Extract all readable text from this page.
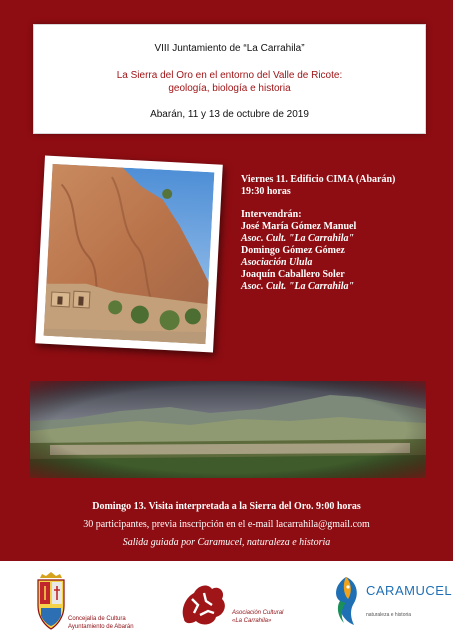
VIII Juntamiento de “La Carrahila”
La Sierra del Oro en el entorno del Valle de Ricote:
geología, biología e historia
Abarán, 11 y 13 de octubre de 2019
Viernes 11. Edificio CIMA (Abarán)
19:30 horas
Intervendrán:
José María Gómez Manuel
Asoc. Cult. "La Carrahila"
Domingo Gómez Gómez
Asociación Ulula
Joaquín Caballero Soler
Asoc. Cult. "La Carrahila"
Domingo 13. Visita interpretada a la Sierra del Oro. 9:00 horas
30 participantes, previa inscripción en el e-mail lacarrahila@gmail.com
Salida guiada por Caramucel, naturaleza e historia
Concejalía de Cultura
Ayuntamiento de Abarán
Asociación Cultural
«La Carrahila»
CARAMUCEL
naturaleza e historia
